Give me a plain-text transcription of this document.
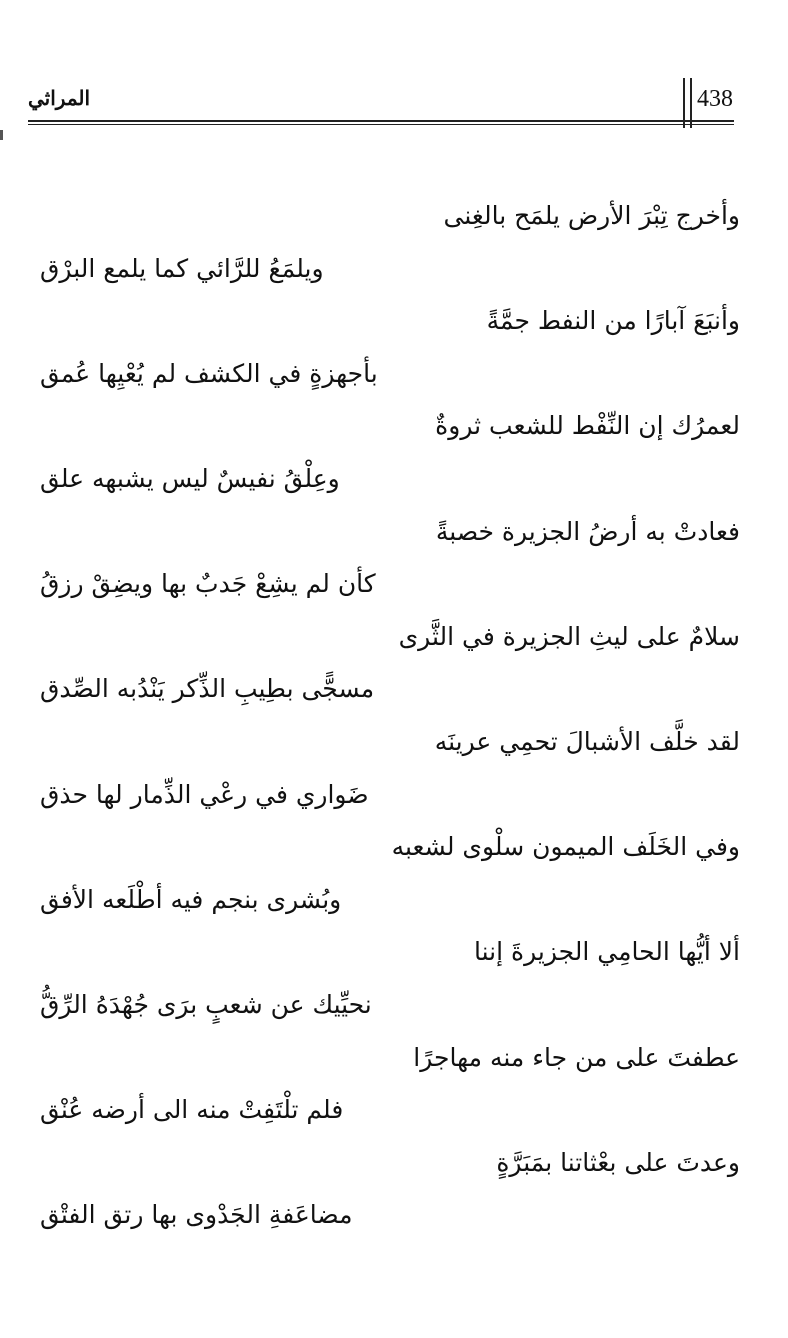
المراثي	438
وأخرج تِبْرَ الأرض يلمَح بالغِنى
ويلمَعُ للرَّائي كما يلمع البرْق
وأنبَعَ آبارًا من النفط جمَّةً
بأجهزةٍ في الكشف لم يُعْيِها عُمق
لعمرُك إن النِّفْط للشعب ثروةٌ
وعِلْقُ نفيسٌ ليس يشبهه علق
فعادتْ به أرضُ الجزيرة خصبةً
كأن لم يشِعْ جَدبٌ بها ويضِقْ رزقُ
سلامٌ على ليثِ الجزيرة في الثَّرى
مسجًّى بطِيبِ الذِّكر يَنْدُبه الصِّدق
لقد خلَّف الأشبالَ تحمِي عرينَه
ضَواري في رعْي الذِّمار لها حذق
وفي الخَلَف الميمون سلْوى لشعبه
وبُشرى بنجم فيه أطْلَعه الأفق
ألا أيُّها الحامِي الجزيرةَ إننا
نحيِّيك عن شعبٍ برَى جُهْدَهُ الرِّقُّ
عطفتَ على من جاء منه مهاجرًا
فلم تلْتَفِتْ منه الى أرضه عُنْق
وعدتَ على بعْثاتنا بمَبَرَّةٍ
مضاعَفةِ الجَدْوى بها رتق الفتْق
